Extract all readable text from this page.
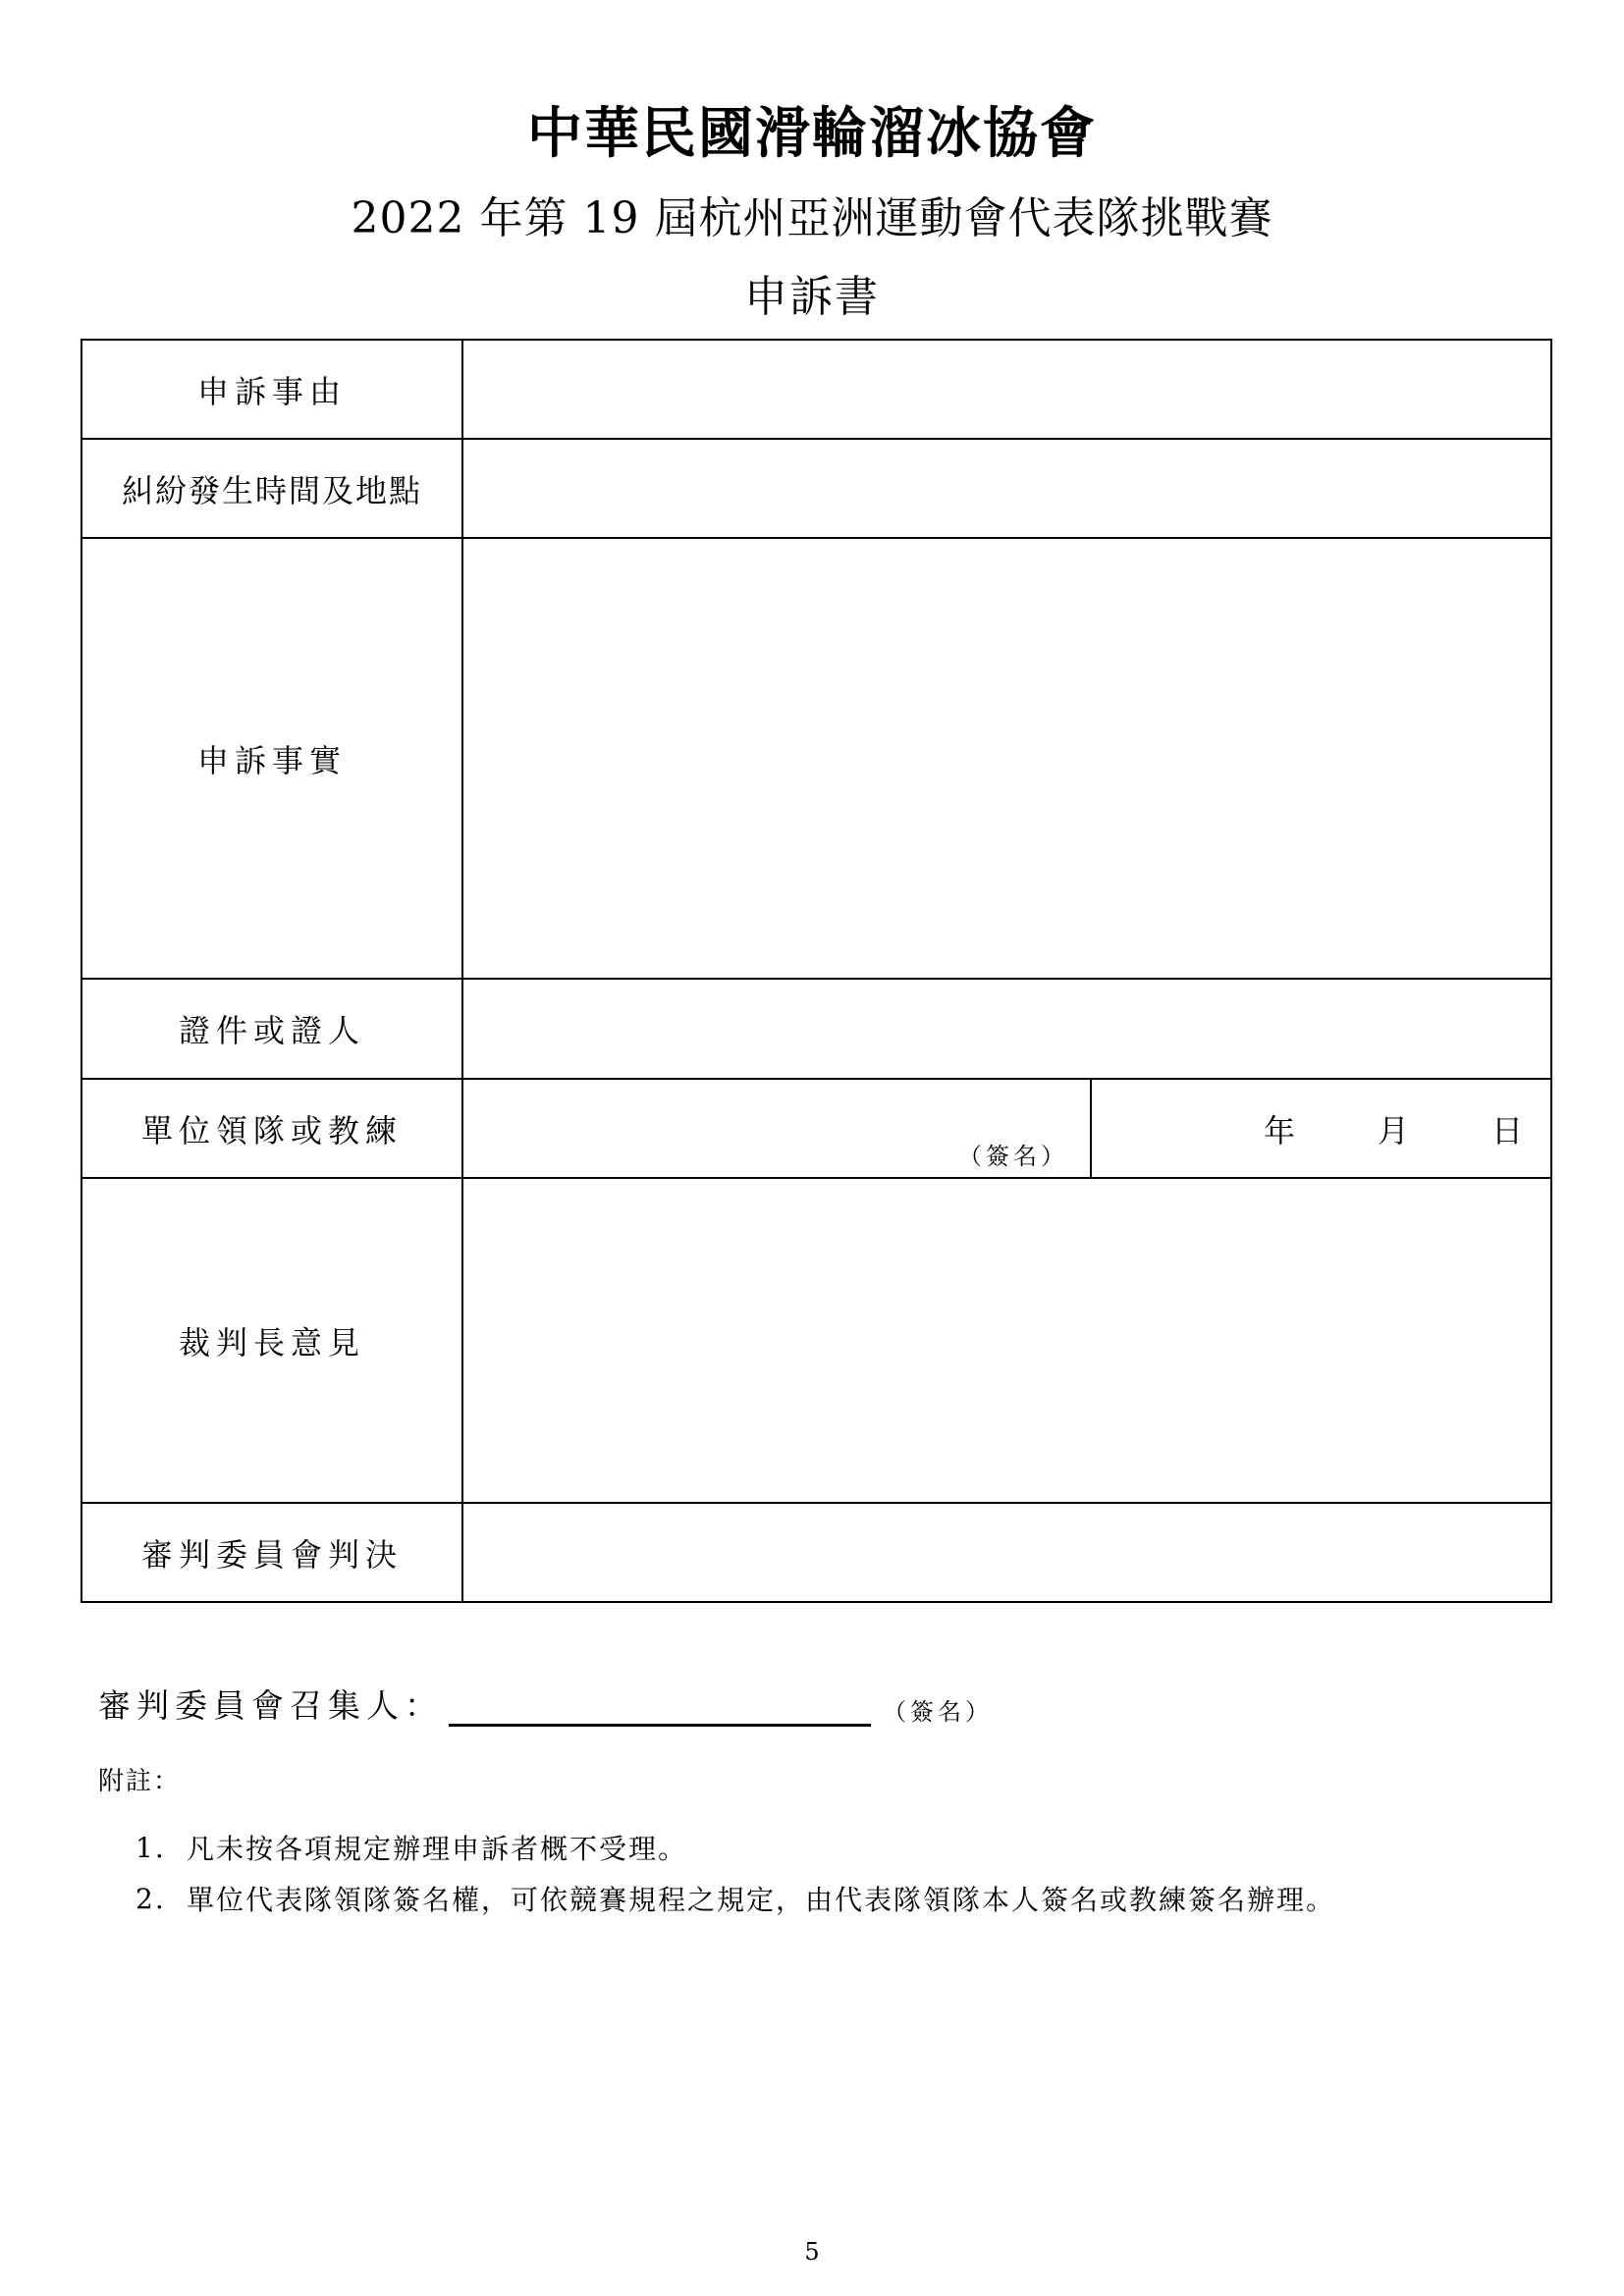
中華民國滑輪溜冰協會
2022 年第 19 屆杭州亞洲運動會代表隊挑戰賽
申訴書
申訴事由		
糾紛發生時間及地點		
申訴事實		
證件或證人		
單位領隊或教練	（簽名）	年 月 日

裁判長意見		
審判委員會判決		
審判委員會召集人：	（簽名）
附註：
1. 凡未按各項規定辦理申訴者概不受理。
2. 單位代表隊領隊簽名權，可依競賽規程之規定，由代表隊領隊本人簽名或教練簽名辦理。
5
